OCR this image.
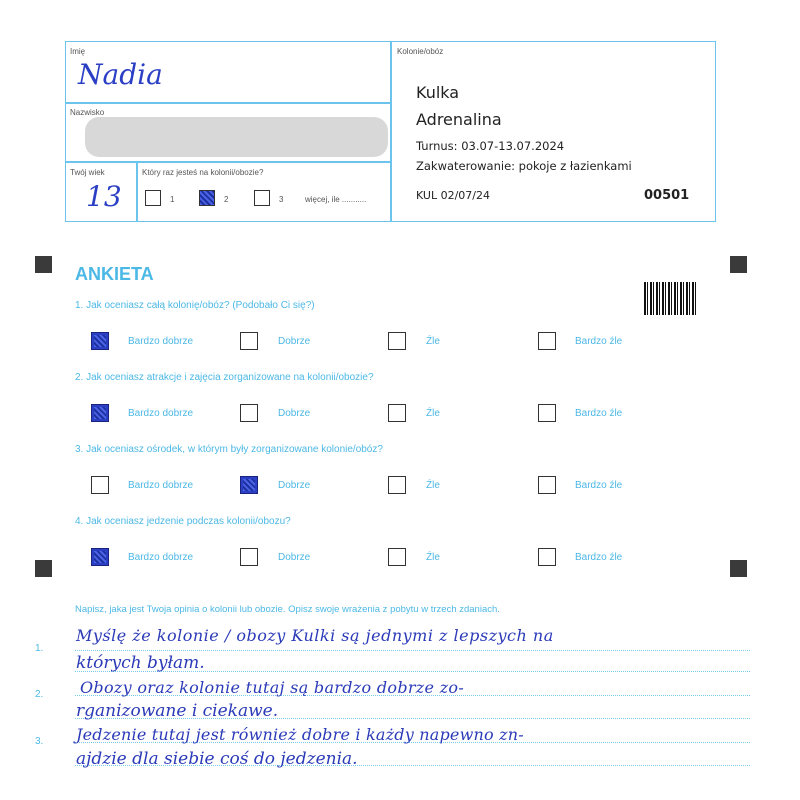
Imię
Nadia
Nazwisko
Twój wiek
13
Który raz jesteś na kolonii/obozie?
1	2	3	więcej, ile ...........
Kolonie/obóz
Kulka
Adrenalina
Turnus: 03.07-13.07.2024
Zakwaterowanie: pokoje z łazienkami
KUL 02/07/24	00501
ANKIETA
1. Jak oceniasz całą kolonię/obóz? (Podobało Ci się?)
Bardzo dobrze	Dobrze	Źle	Bardzo źle
2. Jak oceniasz atrakcje i zajęcia zorganizowane na kolonii/obozie?
Bardzo dobrze	Dobrze	Źle	Bardzo źle
3. Jak oceniasz ośrodek, w którym były zorganizowane kolonie/obóz?
Bardzo dobrze	Dobrze	Źle	Bardzo źle
4. Jak oceniasz jedzenie podczas kolonii/obozu?
Bardzo dobrze	Dobrze	Źle	Bardzo źle
Napisz, jaka jest Twoja opinia o kolonii lub obozie. Opisz swoje wrażenia z pobytu w trzech zdaniach.
1.
2.
3.
Myślę że kolonie / obozy Kulki są jednymi z lepszych na
których byłam.
Obozy oraz kolonie tutaj są bardzo dobrze zo-
rganizowane i ciekawe.
Jedzenie tutaj jest również dobre i każdy napewno zn-
ajdzie dla siebie coś do jedzenia.
